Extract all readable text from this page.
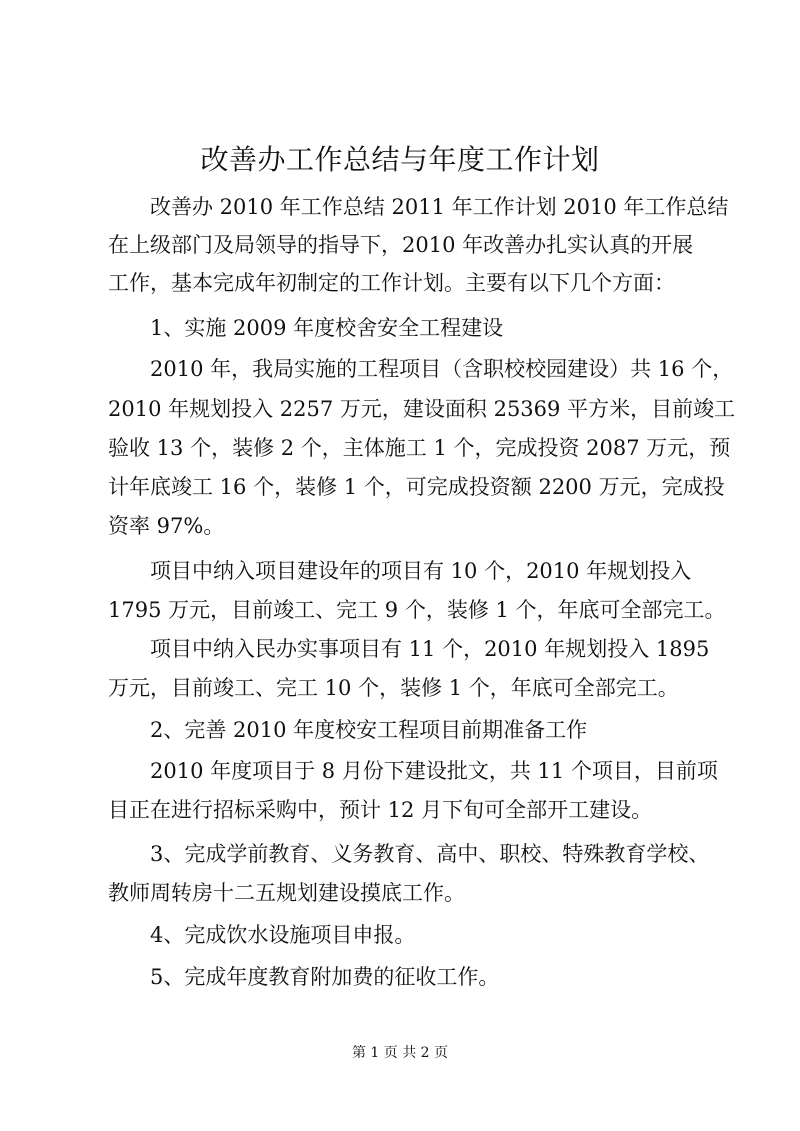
改善办工作总结与年度工作计划

改善办 2010 年工作总结 2011 年工作计划 2010 年工作总结

在上级部门及局领导的指导下，2010 年改善办扎实认真的开展

工作，基本完成年初制定的工作计划。主要有以下几个方面：

1、实施 2009 年度校舍安全工程建设

2010 年，我局实施的工程项目（含职校校园建设）共 16 个，

2010 年规划投入 2257 万元，建设面积 25369 平方米，目前竣工

验收 13 个，装修 2 个，主体施工 1 个，完成投资 2087 万元，预

计年底竣工 16 个，装修 1 个，可完成投资额 2200 万元，完成投

资率 97%。

项目中纳入项目建设年的项目有 10 个，2010 年规划投入

1795 万元，目前竣工、完工 9 个，装修 1 个，年底可全部完工。

项目中纳入民办实事项目有 11 个，2010 年规划投入 1895

万元，目前竣工、完工 10 个，装修 1 个，年底可全部完工。

2、完善 2010 年度校安工程项目前期准备工作

2010 年度项目于 8 月份下建设批文，共 11 个项目，目前项

目正在进行招标采购中，预计 12 月下旬可全部开工建设。

3、完成学前教育、义务教育、高中、职校、特殊教育学校、

教师周转房十二五规划建设摸底工作。

4、完成饮水设施项目申报。

5、完成年度教育附加费的征收工作。

第 1 页 共 2 页
